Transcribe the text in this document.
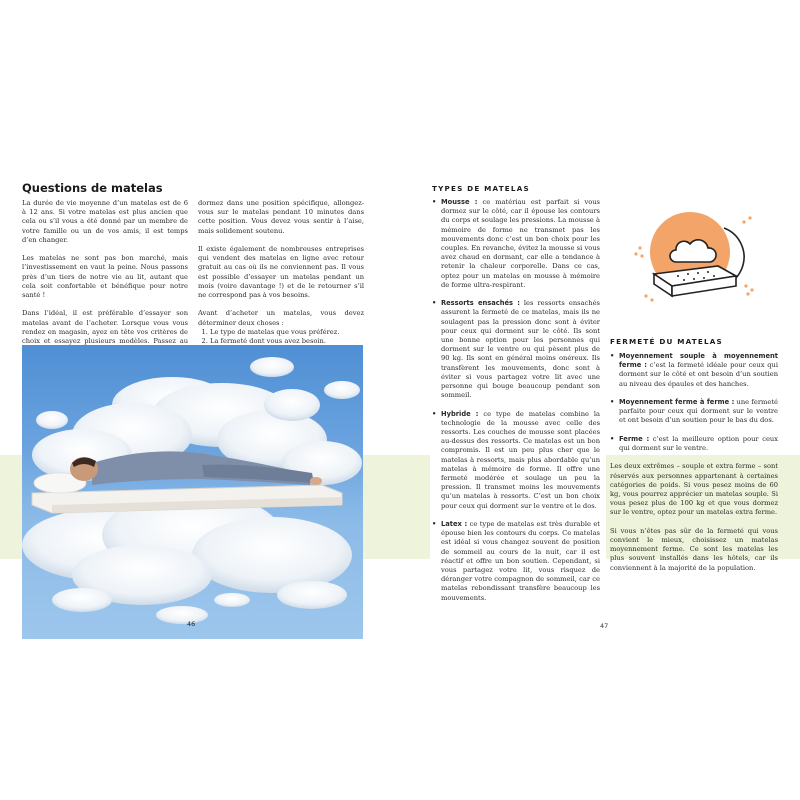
Questions de matelas

La durée de vie moyenne d’un matelas est de 6 à 12 ans. Si votre matelas est plus ancien que cela ou s’il vous a été donné par un membre de votre famille ou un de vos amis, il est temps d’en changer.

Les matelas ne sont pas bon marché, mais l’investissement en vaut la peine. Nous passons près d’un tiers de notre vie au lit, autant que cela soit confortable et bénéfique pour notre santé !

Dans l’idéal, il est préférable d’essayer son matelas avant de l’acheter. Lorsque vous vous rendez en magasin, ayez en tête vos critères de choix et essayez plusieurs modèles. Passez au

dormez dans une position spécifique, allongez-vous sur le matelas pendant 10 minutes dans cette position. Vous devez vous sentir à l’aise, mais solidement soutenu.

Il existe également de nombreuses entreprises qui vendent des matelas en ligne avec retour gratuit au cas où ils ne conviennent pas. Il vous est possible d’essayer un matelas pendant un mois (voire davantage !) et de le retourner s’il ne correspond pas à vos besoins.

Avant d’acheter un matelas, vous devez déterminer deux choses :

1. Le type de matelas que vous préférez.
2. La fermeté dont vous avez besoin.
46
TYPES DE MATELAS
• Mousse : ce matériau est parfait si vous dormez sur le côté, car il épouse les contours du corps et soulage les pressions. La mousse à mémoire de forme ne transmet pas les mouvements donc c’est un bon choix pour les couples. En revanche, évitez la mousse si vous avez chaud en dormant, car elle a tendance à retenir la chaleur corporelle. Dans ce cas, optez pour un matelas en mousse à mémoire de forme ultra-respirant.
• Ressorts ensachés : les ressorts ensachés assurent la fermeté de ce matelas, mais ils ne soulagent pas la pression donc sont à éviter pour ceux qui dorment sur le côté. Ils sont une bonne option pour les personnes qui dorment sur le ventre ou qui pèsent plus de 90 kg. Ils sont en général moins onéreux. Ils transfèrent les mouvements, donc sont à éviter si vous partagez votre lit avec une personne qui bouge beaucoup pendant son sommeil.
• Hybride : ce type de matelas combine la technologie de la mousse avec celle des ressorts. Les couches de mousse sont placées au-dessus des ressorts. Ce matelas est un bon compromis. Il est un peu plus cher que le matelas à ressorts, mais plus abordable qu’un matelas à mémoire de forme. Il offre une fermeté modérée et soulage un peu la pression. Il transmet moins les mouvements qu’un matelas à ressorts. C’est un bon choix pour ceux qui dorment sur le ventre et le dos.
• Latex : ce type de matelas est très durable et épouse bien les contours du corps. Ce matelas est idéal si vous changez souvent de position de sommeil au cours de la nuit, car il est réactif et offre un bon soutien. Cependant, si vous partagez votre lit, vous risquez de déranger votre compagnon de sommeil, car ce matelas rebondissant transfère beaucoup les mouvements.
FERMETÉ DU MATELAS
• Moyennement souple à moyennement ferme : c’est la fermeté idéale pour ceux qui dorment sur le côté et ont besoin d’un soutien au niveau des épaules et des hanches.
• Moyennement ferme à ferme : une fermeté parfaite pour ceux qui dorment sur le ventre et ont besoin d’un soutien pour le bas du dos.
• Ferme : c’est la meilleure option pour ceux qui dorment sur le ventre.

Les deux extrêmes – souple et extra ferme – sont réservés aux personnes appartenant à certaines catégories de poids. Si vous pesez moins de 60 kg, vous pourrez apprécier un matelas souple. Si vous pesez plus de 100 kg et que vous dormez sur le ventre, optez pour un matelas extra ferme.

Si vous n’êtes pas sûr de la fermeté qui vous convient le mieux, choisissez un matelas moyennement ferme. Ce sont les matelas les plus souvent installés dans les hôtels, car ils conviennent à la majorité de la population.

47
